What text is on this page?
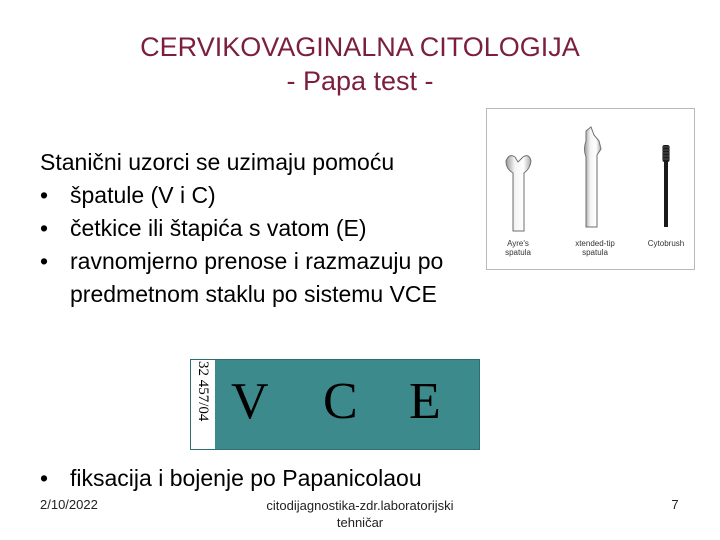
CERVIKOVAGINALNA CITOLOGIJA
- Papa test -
Stanični uzorci se uzimaju pomoću
• špatule (V i C)
• četkice ili štapića s vatom (E)
• ravnomjerno prenose i razmazuju po
predmetnom staklu po sistemu VCE
Ayre's
spatula
xtended-tip
spatula
Cytobrush
32 457/04 V C E
• fiksacija i bojenje po Papanicolaou
2/10/2022	citodijagnostika-zdr.laboratorijski
tehničar
7
